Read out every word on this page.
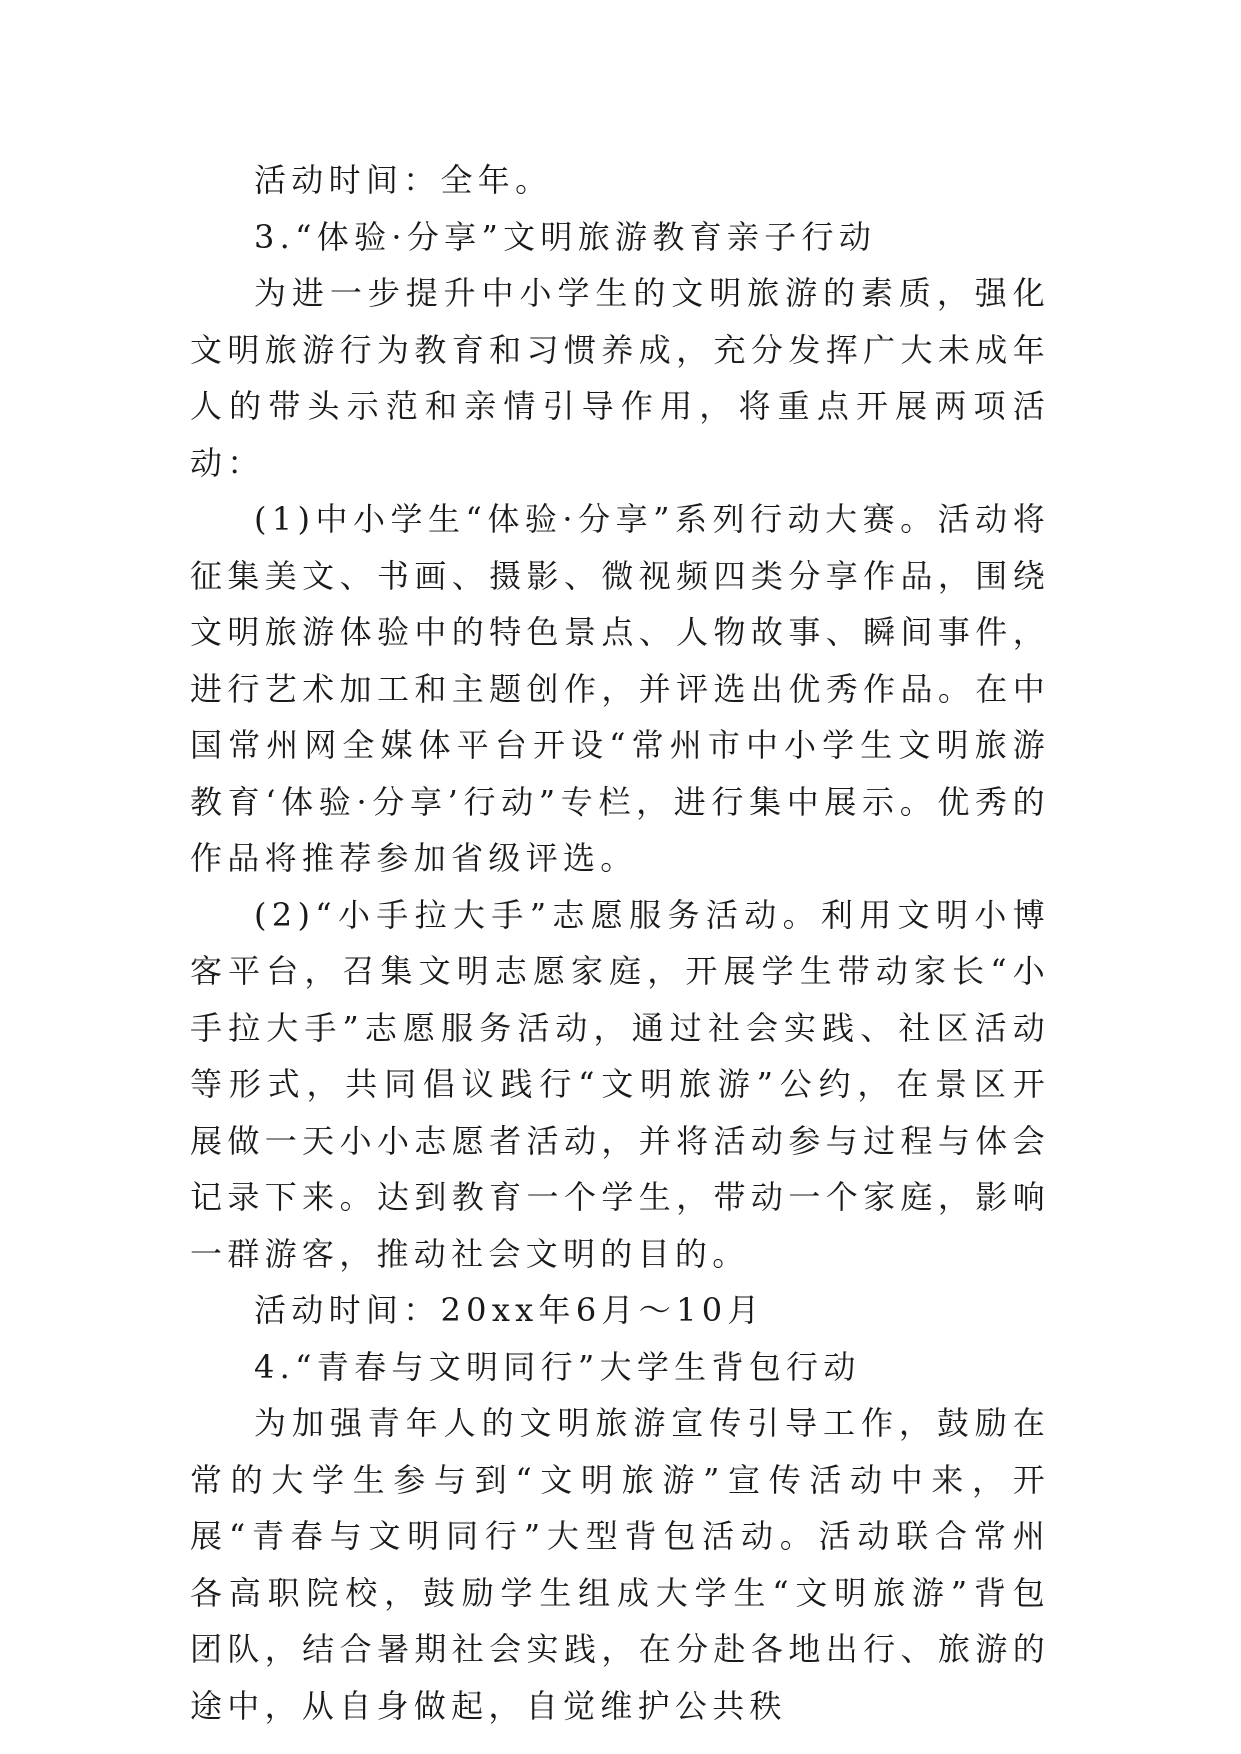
活动时间：全年。

3.“体验·分享”文明旅游教育亲子行动

为进一步提升中小学生的文明旅游的素质，强化文明旅游行为教育和习惯养成，充分发挥广大未成年人的带头示范和亲情引导作用，将重点开展两项活动：

(1)中小学生“体验·分享”系列行动大赛。活动将征集美文、书画、摄影、微视频四类分享作品，围绕文明旅游体验中的特色景点、人物故事、瞬间事件，进行艺术加工和主题创作，并评选出优秀作品。在中国常州网全媒体平台开设“常州市中小学生文明旅游教育‘体验·分享’行动”专栏，进行集中展示。优秀的作品将推荐参加省级评选。

(2)“小手拉大手”志愿服务活动。利用文明小博客平台，召集文明志愿家庭，开展学生带动家长“小手拉大手”志愿服务活动，通过社会实践、社区活动等形式，共同倡议践行“文明旅游”公约，在景区开展做一天小小志愿者活动，并将活动参与过程与体会记录下来。达到教育一个学生，带动一个家庭，影响一群游客，推动社会文明的目的。

活动时间：20xx年6月～10月

4.“青春与文明同行”大学生背包行动

为加强青年人的文明旅游宣传引导工作，鼓励在常的大学生参与到“文明旅游”宣传活动中来，开展“青春与文明同行”大型背包活动。活动联合常州各高职院校，鼓励学生组成大学生“文明旅游”背包团队，结合暑期社会实践，在分赴各地出行、旅游的途中，从自身做起，自觉维护公共秩
